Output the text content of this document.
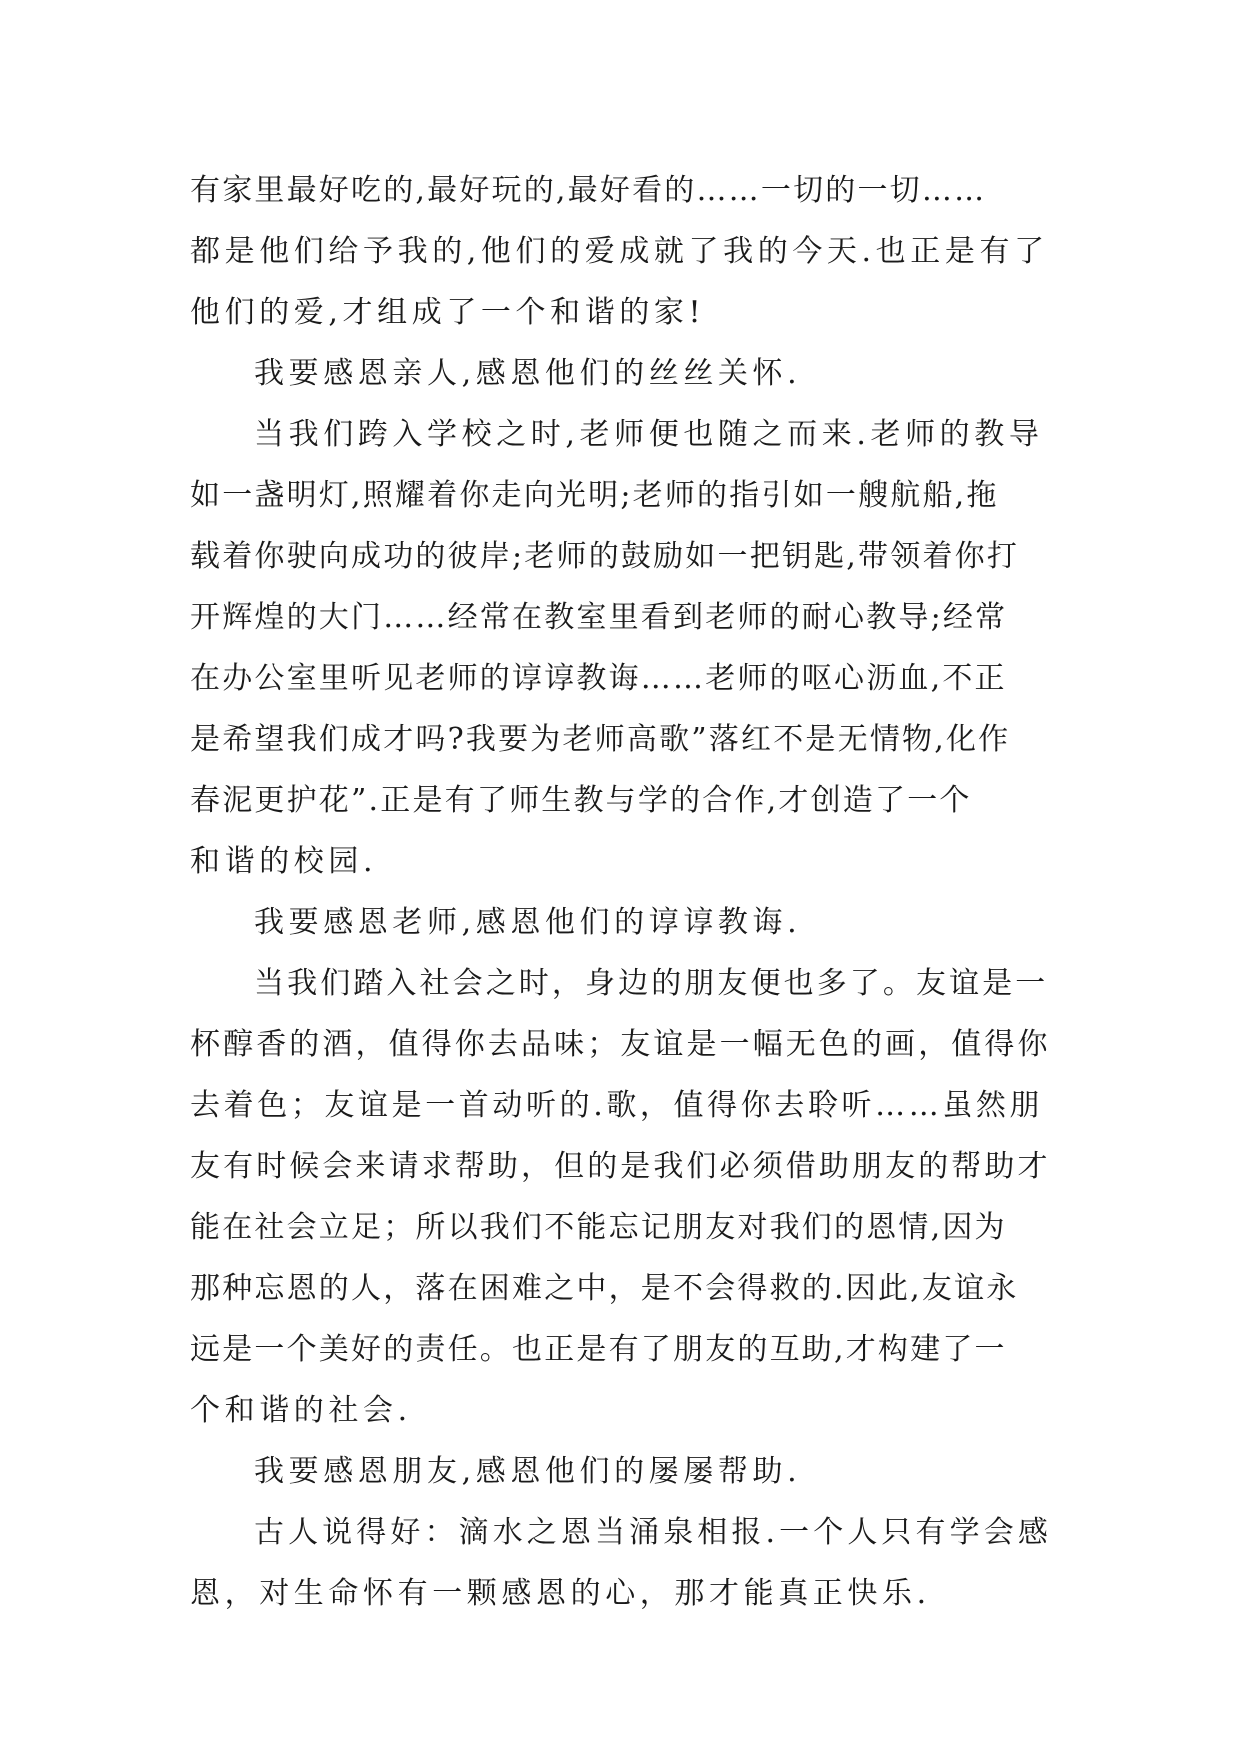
有家里最好吃的,最好玩的,最好看的……一切的一切……
都是他们给予我的,他们的爱成就了我的今天.也正是有了
他们的爱,才组成了一个和谐的家!
我要感恩亲人,感恩他们的丝丝关怀.
当我们跨入学校之时,老师便也随之而来.老师的教导
如一盏明灯,照耀着你走向光明;老师的指引如一艘航船,拖
载着你驶向成功的彼岸;老师的鼓励如一把钥匙,带领着你打
开辉煌的大门……经常在教室里看到老师的耐心教导;经常
在办公室里听见老师的谆谆教诲……老师的呕心沥血,不正
是希望我们成才吗?我要为老师高歌”落红不是无情物,化作
春泥更护花”.正是有了师生教与学的合作,才创造了一个
和谐的校园.
我要感恩老师,感恩他们的谆谆教诲.
当我们踏入社会之时，身边的朋友便也多了。友谊是一
杯醇香的酒，值得你去品味；友谊是一幅无色的画，值得你
去着色；友谊是一首动听的.歌，值得你去聆听……虽然朋
友有时候会来请求帮助，但的是我们必须借助朋友的帮助才
能在社会立足；所以我们不能忘记朋友对我们的恩情,因为
那种忘恩的人，落在困难之中，是不会得救的.因此,友谊永
远是一个美好的责任。也正是有了朋友的互助,才构建了一
个和谐的社会.
我要感恩朋友,感恩他们的屡屡帮助.
古人说得好：滴水之恩当涌泉相报.一个人只有学会感
恩，对生命怀有一颗感恩的心，那才能真正快乐.
